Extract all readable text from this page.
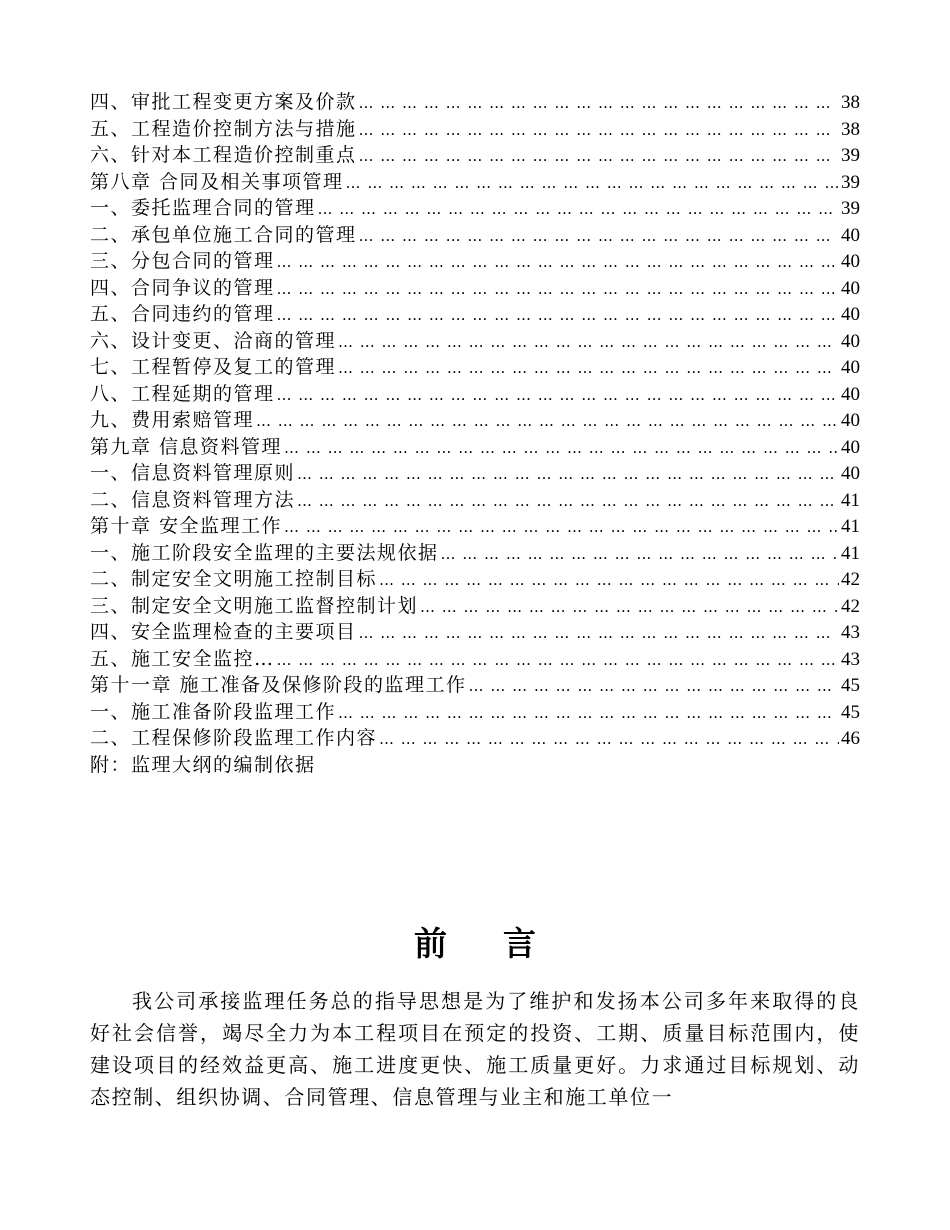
四、审批工程变更方案及价款 … … … … … … … … … … … … … … … … … … … … … … … … … … … … … … … … … … … … … … … … … … … … … … … … … … … … … … … … …	38
五、工程造价控制方法与措施 … … … … … … … … … … … … … … … … … … … … … … … … … … … … … … … … … … … … … … … … … … … … … … … … … … … … … … … … …	38
六、针对本工程造价控制重点 … … … … … … … … … … … … … … … … … … … … … … … … … … … … … … … … … … … … … … … … … … … … … … … … … … … … … … … … …	39
第八章 合同及相关事项管理 … … … … … … … … … … … … … … … … … … … … … … … … … … … … … … … … … … … … … … … … … … … … … … … … … … … … … … … … …	39
一、委托监理合同的管理 … … … … … … … … … … … … … … … … … … … … … … … … … … … … … … … … … … … … … … … … … … … … … … … … … … … … … … … … …	39
二、承包单位施工合同的管理 … … … … … … … … … … … … … … … … … … … … … … … … … … … … … … … … … … … … … … … … … … … … … … … … … … … … … … … … …	40
三、分包合同的管理 … … … … … … … … … … … … … … … … … … … … … … … … … … … … … … … … … … … … … … … … … … … … … … … … … … … … … … … … …	40
四、合同争议的管理 … … … … … … … … … … … … … … … … … … … … … … … … … … … … … … … … … … … … … … … … … … … … … … … … … … … … … … … … …	40
五、合同违约的管理 … … … … … … … … … … … … … … … … … … … … … … … … … … … … … … … … … … … … … … … … … … … … … … … … … … … … … … … … …	40
六、设计变更、洽商的管理 … … … … … … … … … … … … … … … … … … … … … … … … … … … … … … … … … … … … … … … … … … … … … … … … … … … … … … … … …	40
七、工程暂停及复工的管理 … … … … … … … … … … … … … … … … … … … … … … … … … … … … … … … … … … … … … … … … … … … … … … … … … … … … … … … … …	40
八、工程延期的管理 … … … … … … … … … … … … … … … … … … … … … … … … … … … … … … … … … … … … … … … … … … … … … … … … … … … … … … … … …	40
九、费用索赔管理 … … … … … … … … … … … … … … … … … … … … … … … … … … … … … … … … … … … … … … … … … … … … … … … … … … … … … … … … …	40
第九章 信息资料管理 … … … … … … … … … … … … … … … … … … … … … … … … … … … … … … … … … … … … … … … … … … … … … … … … … … … … … … … … …	40
一、信息资料管理原则 … … … … … … … … … … … … … … … … … … … … … … … … … … … … … … … … … … … … … … … … … … … … … … … … … … … … … … … … …	40
二、信息资料管理方法 … … … … … … … … … … … … … … … … … … … … … … … … … … … … … … … … … … … … … … … … … … … … … … … … … … … … … … … … …	41
第十章 安全监理工作 … … … … … … … … … … … … … … … … … … … … … … … … … … … … … … … … … … … … … … … … … … … … … … … … … … … … … … … … …	41
一、施工阶段安全监理的主要法规依据 … … … … … … … … … … … … … … … … … … … … … … … … … … … … … … … … … … … … … … … … … … … … … … … … … … … … … … … … …	41
二、制定安全文明施工控制目标 … … … … … … … … … … … … … … … … … … … … … … … … … … … … … … … … … … … … … … … … … … … … … … … … … … … … … … … … …	42
三、制定安全文明施工监督控制计划 … … … … … … … … … … … … … … … … … … … … … … … … … … … … … … … … … … … … … … … … … … … … … … … … … … … … … … … … …	42
四、安全监理检查的主要项目 … … … … … … … … … … … … … … … … … … … … … … … … … … … … … … … … … … … … … … … … … … … … … … … … … … … … … … … … …	43
五、施工安全监控… … … … … … … … … … … … … … … … … … … … … … … … … … … … … … … … … … … … … … … … … … … … … … … … … … … … … … … … … …	43
第十一章 施工准备及保修阶段的监理工作 … … … … … … … … … … … … … … … … … … … … … … … … … … … … … … … … … … … … … … … … … … … … … … … … … … … … … … … … …	45
一、施工准备阶段监理工作 … … … … … … … … … … … … … … … … … … … … … … … … … … … … … … … … … … … … … … … … … … … … … … … … … … … … … … … … …	45
二、工程保修阶段监理工作内容 … … … … … … … … … … … … … … … … … … … … … … … … … … … … … … … … … … … … … … … … … … … … … … … … … … … … … … … … …	46
附：监理大纲的编制依据
前言

我公司承接监理任务总的指导思想是为了维护和发扬本公司多年来取得的良好社会信誉，竭尽全力为本工程项目在预定的投资、工期、质量目标范围内，使建设项目的经效益更高、施工进度更快、施工质量更好。力求通过目标规划、动态控制、组织协调、合同管理、信息管理与业主和施工单位一
